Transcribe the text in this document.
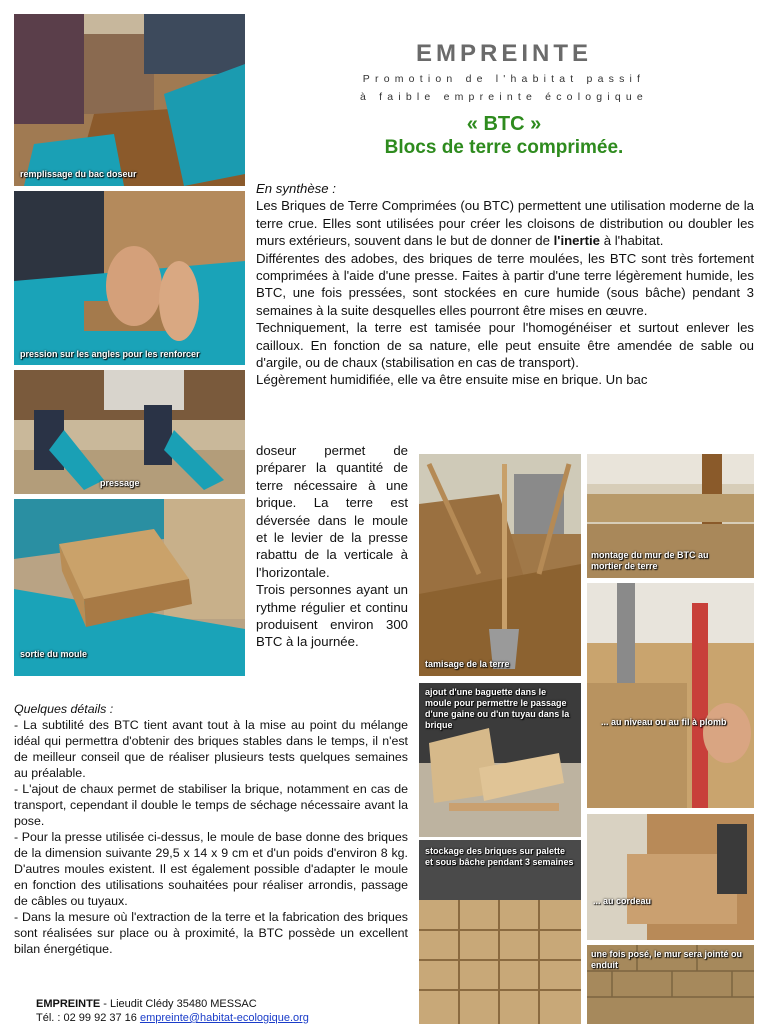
remplissage du bac doseur
pression sur les angles pour les renforcer
pressage
sortie du moule
EMPREINTE
Promotion de l'habitat passif
à faible empreinte écologique
« BTC »
Blocs de terre comprimée.

En synthèse :

Les Briques de Terre Comprimées (ou BTC) permettent une utilisation moderne de la terre crue. Elles sont utilisées pour créer les cloisons de distribution ou doubler les murs extérieurs, souvent dans le but de donner de l'inertie à l'habitat.

Différentes des adobes, des briques de terre moulées, les BTC sont très fortement comprimées à l'aide d'une presse. Faites à partir d'une terre légèrement humide, les BTC, une fois pressées, sont stockées en cure humide (sous bâche) pendant 3 semaines à la suite desquelles elles pourront être mises en œuvre.

Techniquement, la terre est tamisée pour l'homogénéiser et surtout enlever les cailloux. En fonction de sa nature, elle peut ensuite être amendée de sable ou d'argile, ou de chaux (stabilisation en cas de transport).

Légèrement humidifiée, elle va être ensuite mise en brique. Un bac

doseur permet de préparer la quantité de terre nécessaire à une brique. La terre est déversée dans le moule et le levier de la presse rabattu de la verticale à l'horizontale.

Trois personnes ayant un rythme régulier et continu produisent environ 300 BTC à la journée.

tamisage de la terre
montage du mur de BTC au mortier de terre
ajout d'une baguette dans le moule pour permettre le passage d'une gaine ou d'un tuyau dans la brique	... au niveau ou au fil à plomb
stockage des briques sur palette et sous bâche pendant 3 semaines
... au cordeau
une fois posé, le mur sera jointé ou enduit

Quelques détails :

- La subtilité des BTC tient avant tout à la mise au point du mélange idéal qui permettra d'obtenir des briques stables dans le temps, il n'est de meilleur conseil que de réaliser plusieurs tests quelques semaines au préalable.

- L'ajout de chaux permet de stabiliser la brique, notamment en cas de transport, cependant il double le temps de séchage nécessaire avant la pose.

- Pour la presse utilisée ci-dessus, le moule de base donne des briques de la dimension suivante 29,5 x 14 x 9 cm et d'un poids d'environ 8 kg. D'autres moules existent. Il est également possible d'adapter le moule en fonction des utilisations souhaitées pour réaliser arrondis, passage de câbles ou tuyaux.

- Dans la mesure où l'extraction de la terre et la fabrication des briques sont réalisées sur place ou à proximité, la BTC possède un excellent bilan énergétique.

EMPREINTE - Lieudit Clédy 35480 MESSAC
Tél. : 02 99 92 37 16 empreinte@habitat-ecologique.org
